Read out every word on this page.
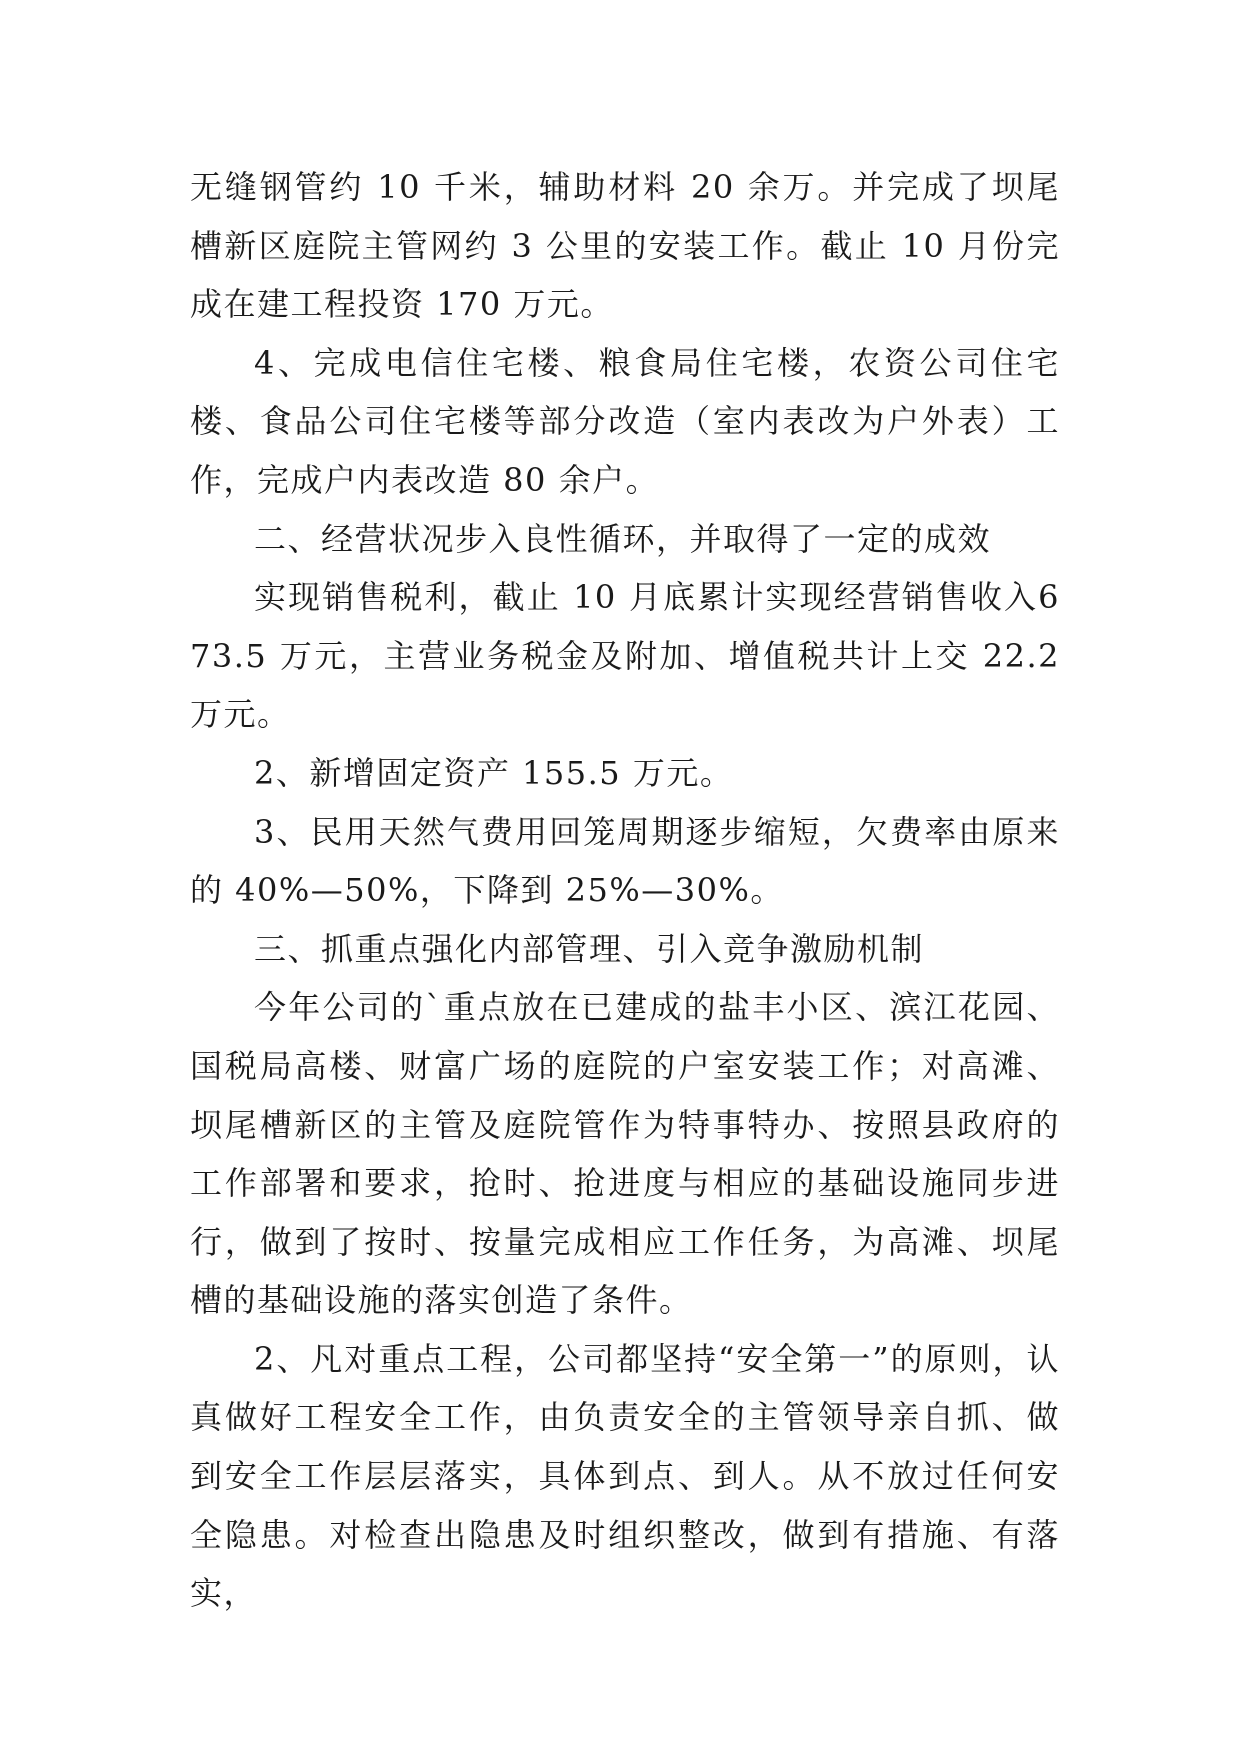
无缝钢管约 10 千米，辅助材料 20 余万。并完成了坝尾槽新区庭院主管网约 3 公里的安装工作。截止 10 月份完成在建工程投资 170 万元。

4、完成电信住宅楼、粮食局住宅楼，农资公司住宅楼、食品公司住宅楼等部分改造（室内表改为户外表）工作，完成户内表改造 80 余户。

二、经营状况步入良性循环，并取得了一定的成效

实现销售税利，截止 10 月底累计实现经营销售收入673.5 万元，主营业务税金及附加、增值税共计上交 22.2 万元。

2、新增固定资产 155.5 万元。

3、民用天然气费用回笼周期逐步缩短，欠费率由原来的 40%—50%，下降到 25%—30%。

三、抓重点强化内部管理、引入竞争激励机制

今年公司的`重点放在已建成的盐丰小区、滨江花园、国税局高楼、财富广场的庭院的户室安装工作；对高滩、坝尾槽新区的主管及庭院管作为特事特办、按照县政府的工作部署和要求，抢时、抢进度与相应的基础设施同步进行，做到了按时、按量完成相应工作任务，为高滩、坝尾槽的基础设施的落实创造了条件。

2、凡对重点工程，公司都坚持“安全第一”的原则，认真做好工程安全工作，由负责安全的主管领导亲自抓、做到安全工作层层落实，具体到点、到人。从不放过任何安全隐患。对检查出隐患及时组织整改，做到有措施、有落实，
